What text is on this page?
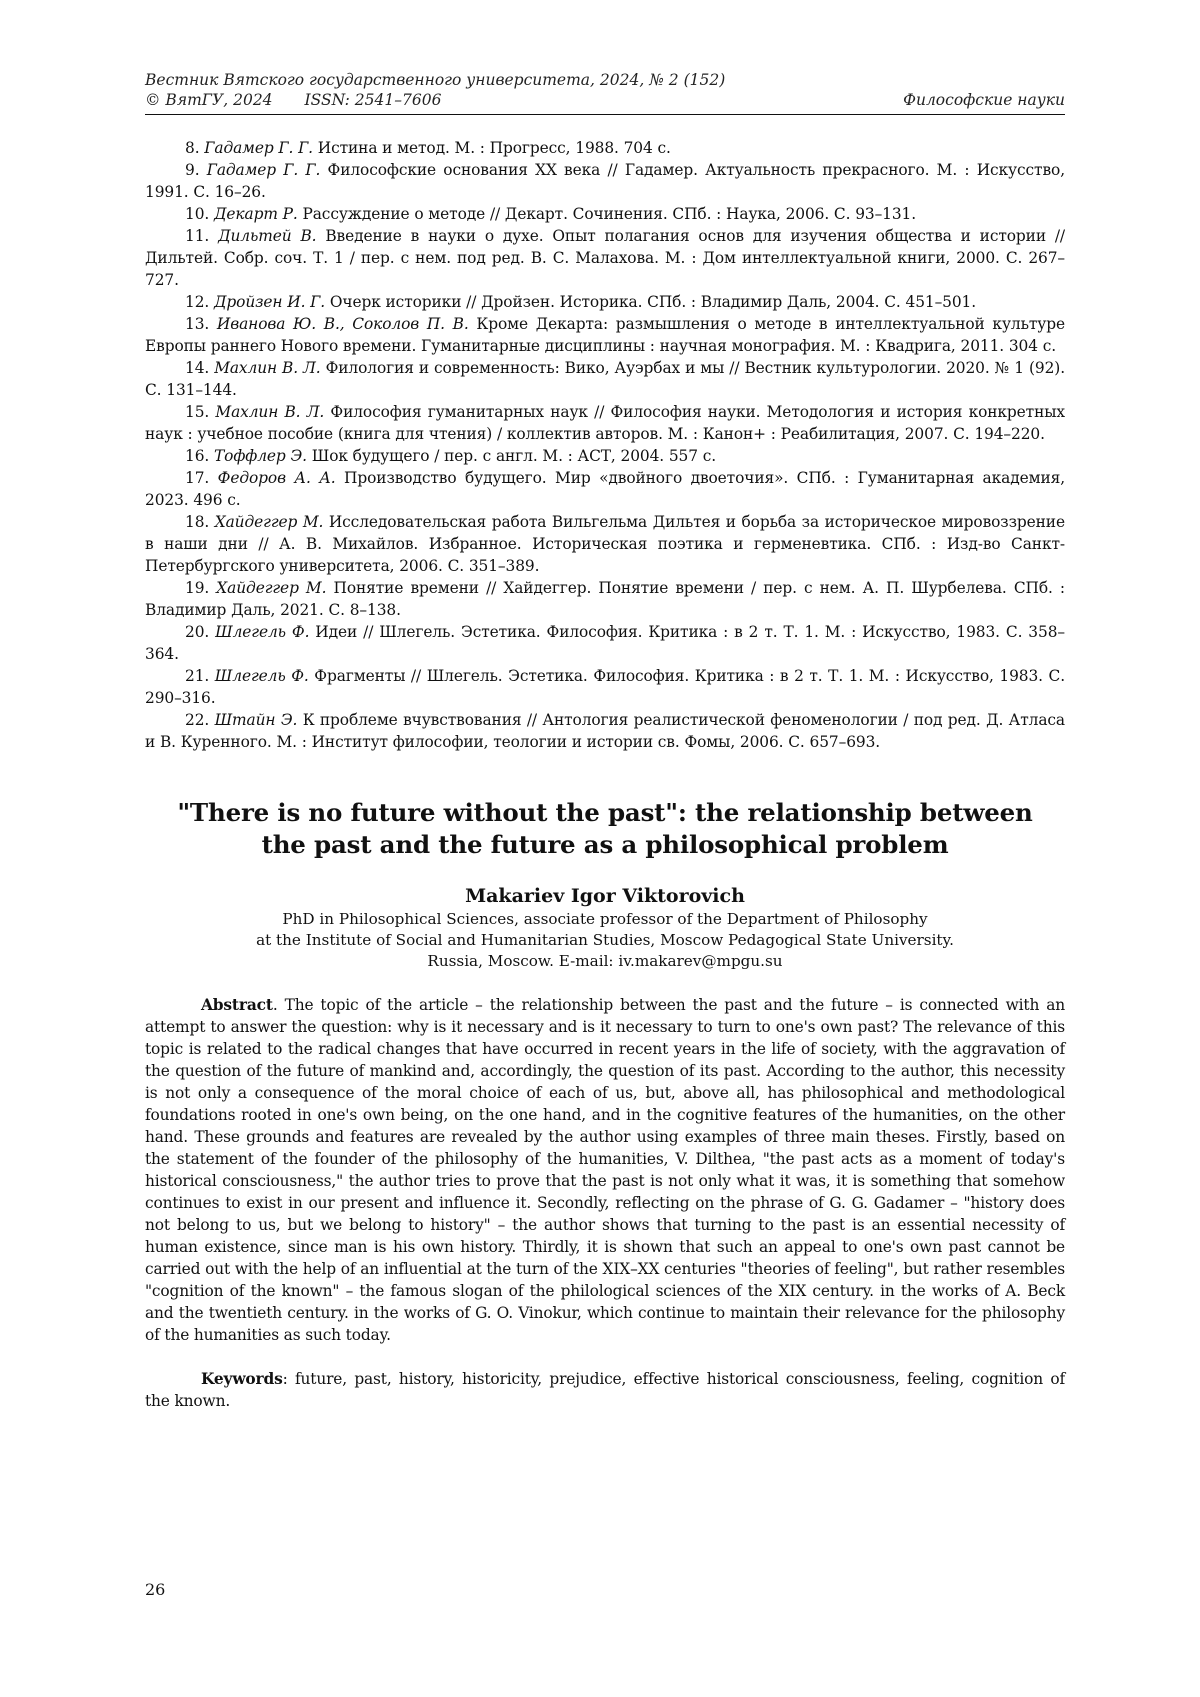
Вестник Вятского государственного университета, 2024, № 2 (152)
© ВятГУ, 2024 ISSN: 2541–7606	Философские науки

8. Гадамер Г. Г. Истина и метод. М. : Прогресс, 1988. 704 с.

9. Гадамер Г. Г. Философские основания XX века // Гадамер. Актуальность прекрасного. М. : Искусство, 1991. С. 16–26.

10. Декарт Р. Рассуждение о методе // Декарт. Сочинения. СПб. : Наука, 2006. С. 93–131.

11. Дильтей В. Введение в науки о духе. Опыт полагания основ для изучения общества и истории // Дильтей. Собр. соч. Т. 1 / пер. с нем. под ред. В. С. Малахова. М. : Дом интеллектуальной книги, 2000. С. 267–727.

12. Дройзен И. Г. Очерк историки // Дройзен. Историка. СПб. : Владимир Даль, 2004. С. 451–501.

13. Иванова Ю. В., Соколов П. В. Кроме Декарта: размышления о методе в интеллектуальной культуре Европы раннего Нового времени. Гуманитарные дисциплины : научная монография. М. : Квадрига, 2011. 304 с.

14. Махлин В. Л. Филология и современность: Вико, Ауэрбах и мы // Вестник культурологии. 2020. № 1 (92). С. 131–144.

15. Махлин В. Л. Философия гуманитарных наук // Философия науки. Методология и история конкретных наук : учебное пособие (книга для чтения) / коллектив авторов. М. : Канон+ : Реабилитация, 2007. С. 194–220.

16. Тоффлер Э. Шок будущего / пер. с англ. М. : АСТ, 2004. 557 с.

17. Федоров А. А. Производство будущего. Мир «двойного двоеточия». СПб. : Гуманитарная академия, 2023. 496 с.

18. Хайдеггер М. Исследовательская работа Вильгельма Дильтея и борьба за историческое мировоззрение в наши дни // А. В. Михайлов. Избранное. Историческая поэтика и герменевтика. СПб. : Изд-во Санкт-Петербургского университета, 2006. С. 351–389.

19. Хайдеггер М. Понятие времени // Хайдеггер. Понятие времени / пер. с нем. А. П. Шурбелева. СПб. : Владимир Даль, 2021. С. 8–138.

20. Шлегель Ф. Идеи // Шлегель. Эстетика. Философия. Критика : в 2 т. Т. 1. М. : Искусство, 1983. С. 358–364.

21. Шлегель Ф. Фрагменты // Шлегель. Эстетика. Философия. Критика : в 2 т. Т. 1. М. : Искусство, 1983. С. 290–316.

22. Штайн Э. К проблеме вчувствования // Антология реалистической феноменологии / под ред. Д. Атласа и В. Куренного. М. : Институт философии, теологии и истории св. Фомы, 2006. С. 657–693.

"There is no future without the past": the relationship between
the past and the future as a philosophical problem
Makariev Igor Viktorovich
PhD in Philosophical Sciences, associate professor of the Department of Philosophy
at the Institute of Social and Humanitarian Studies, Moscow Pedagogical State University.
Russia, Moscow. E-mail: iv.makarev@mpgu.su

Abstract. The topic of the article – the relationship between the past and the future – is connected with an attempt to answer the question: why is it necessary and is it necessary to turn to one's own past? The relevance of this topic is related to the radical changes that have occurred in recent years in the life of society, with the aggravation of the question of the future of mankind and, accordingly, the question of its past. According to the author, this necessity is not only a consequence of the moral choice of each of us, but, above all, has philosophical and methodological foundations rooted in one's own being, on the one hand, and in the cognitive features of the humanities, on the other hand. These grounds and features are revealed by the author using examples of three main theses. Firstly, based on the statement of the founder of the philosophy of the humanities, V. Dilthea, "the past acts as a moment of today's historical consciousness," the author tries to prove that the past is not only what it was, it is something that somehow continues to exist in our present and influence it. Secondly, reflecting on the phrase of G. G. Gadamer – "history does not belong to us, but we belong to history" – the author shows that turning to the past is an essential necessity of human existence, since man is his own history. Thirdly, it is shown that such an appeal to one's own past cannot be carried out with the help of an influential at the turn of the XIX–XX centuries "theories of feeling", but rather resembles "cognition of the known" – the famous slogan of the philological sciences of the XIX century. in the works of A. Beck and the twentieth century. in the works of G. O. Vinokur, which continue to maintain their relevance for the philosophy of the humanities as such today.

Keywords: future, past, history, historicity, prejudice, effective historical consciousness, feeling, cognition of the known.

26
